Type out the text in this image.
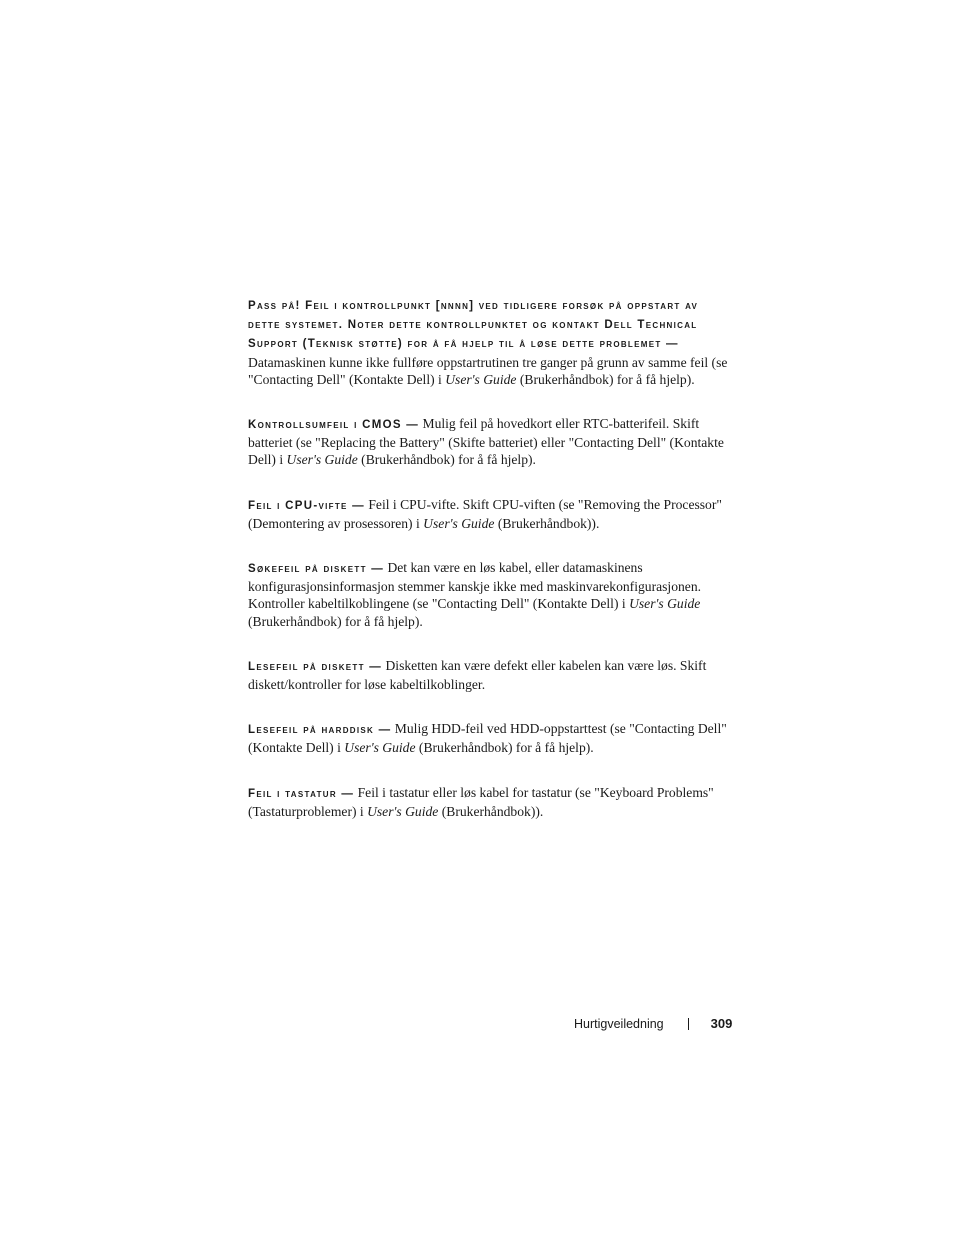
Pass på! Feil i kontrollpunkt [nnnn] ved tidligere forsøk på oppstart av dette systemet. Noter dette kontrollpunktet og kontakt Dell Technical Support (Teknisk støtte) for å få hjelp til å løse dette problemet — Datamaskinen kunne ikke fullføre oppstartrutinen tre ganger på grunn av samme feil (se "Contacting Dell" (Kontakte Dell) i User's Guide (Brukerhåndbok) for å få hjelp).

Kontrollsumfeil i CMOS — Mulig feil på hovedkort eller RTC-batterifeil. Skift batteriet (se "Replacing the Battery" (Skifte batteriet) eller "Contacting Dell" (Kontakte Dell) i User's Guide (Brukerhåndbok) for å få hjelp).

Feil i CPU-vifte — Feil i CPU-vifte. Skift CPU-viften (se "Removing the Processor" (Demontering av prosessoren) i User's Guide (Brukerhåndbok)).

Søkefeil på diskett — Det kan være en løs kabel, eller datamaskinens konfigurasjonsinformasjon stemmer kanskje ikke med maskinvarekonfigurasjonen. Kontroller kabeltilkoblingene (se "Contacting Dell" (Kontakte Dell) i User's Guide (Brukerhåndbok) for å få hjelp).

Lesefeil på diskett — Disketten kan være defekt eller kabelen kan være løs. Skift diskett/kontroller for løse kabeltilkoblinger.

Lesefeil på harddisk — Mulig HDD-feil ved HDD-oppstarttest (se "Contacting Dell" (Kontakte Dell) i User's Guide (Brukerhåndbok) for å få hjelp).

Feil i tastatur — Feil i tastatur eller løs kabel for tastatur (se "Keyboard Problems" (Tastaturproblemer) i User's Guide (Brukerhåndbok)).

Hurtigveiledning	309
